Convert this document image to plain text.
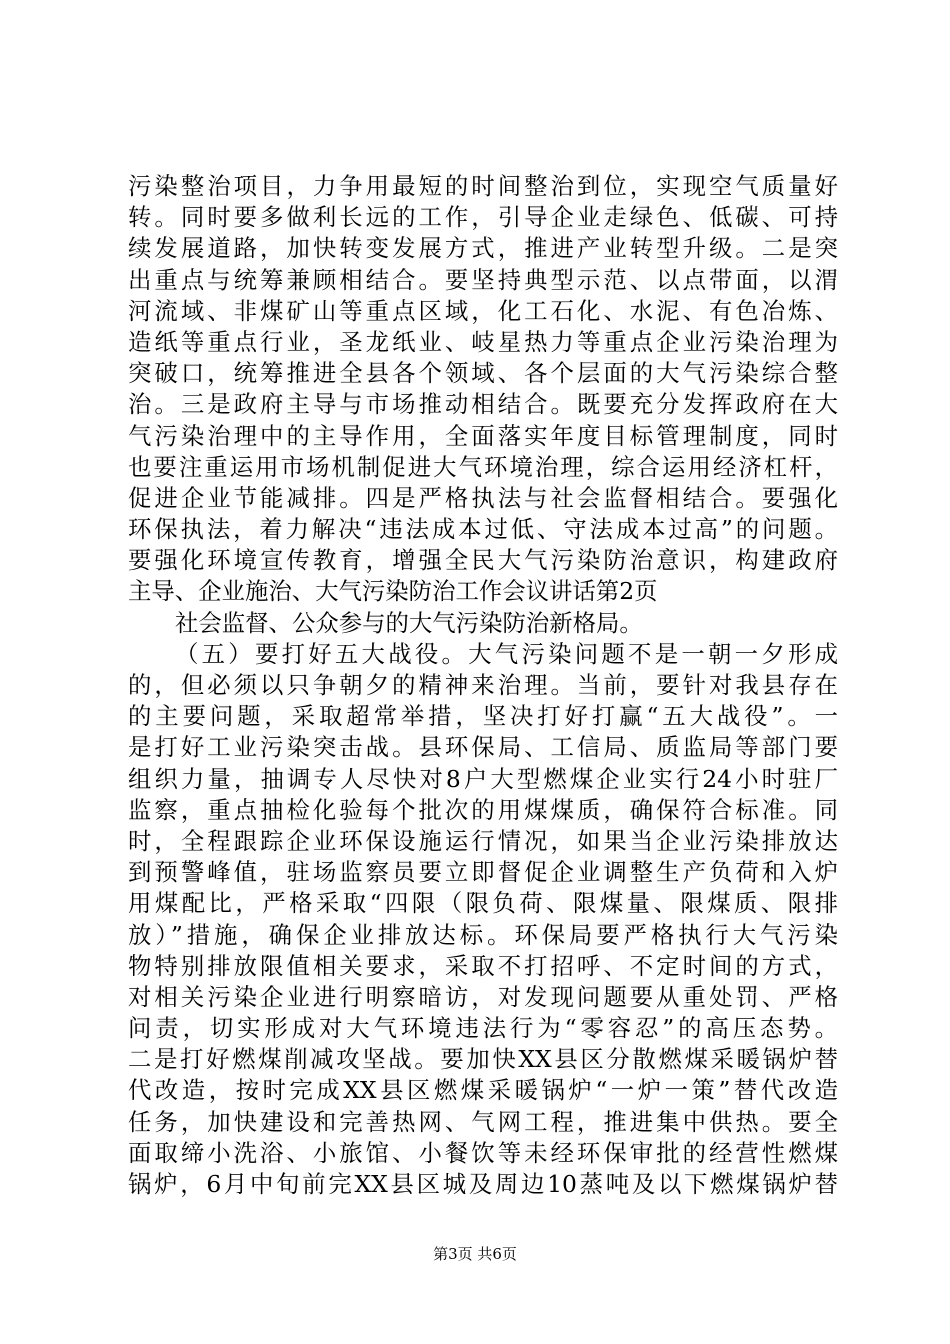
污染整治项目，力争用最短的时间整治到位，实现空气质量好
转。同时要多做利长远的工作，引导企业走绿色、低碳、可持
续发展道路，加快转变发展方式，推进产业转型升级。二是突
出重点与统筹兼顾相结合。要坚持典型示范、以点带面，以渭
河流域、非煤矿山等重点区域，化工石化、水泥、有色冶炼、
造纸等重点行业，圣龙纸业、岐星热力等重点企业污染治理为
突破口，统筹推进全县各个领域、各个层面的大气污染综合整
治。三是政府主导与市场推动相结合。既要充分发挥政府在大
气污染治理中的主导作用，全面落实年度目标管理制度，同时
也要注重运用市场机制促进大气环境治理，综合运用经济杠杆，
促进企业节能减排。四是严格执法与社会监督相结合。要强化
环保执法，着力解决“违法成本过低、守法成本过高”的问题。
要强化环境宣传教育，增强全民大气污染防治意识，构建政府
主导、企业施治、大气污染防治工作会议讲话第2页
社会监督、公众参与的大气污染防治新格局。
（五）要打好五大战役。大气污染问题不是一朝一夕形成
的，但必须以只争朝夕的精神来治理。当前，要针对我县存在
的主要问题，采取超常举措，坚决打好打赢“五大战役”。一
是打好工业污染突击战。县环保局、工信局、质监局等部门要
组织力量，抽调专人尽快对8户大型燃煤企业实行24小时驻厂
监察，重点抽检化验每个批次的用煤煤质，确保符合标准。同
时，全程跟踪企业环保设施运行情况，如果当企业污染排放达
到预警峰值，驻场监察员要立即督促企业调整生产负荷和入炉
用煤配比，严格采取“四限（限负荷、限煤量、限煤质、限排
放）”措施，确保企业排放达标。环保局要严格执行大气污染
物特别排放限值相关要求，采取不打招呼、不定时间的方式，
对相关污染企业进行明察暗访，对发现问题要从重处罚、严格
问责，切实形成对大气环境违法行为“零容忍”的高压态势。
二是打好燃煤削减攻坚战。要加快XX县区分散燃煤采暖锅炉替
代改造，按时完成XX县区燃煤采暖锅炉“一炉一策”替代改造
任务，加快建设和完善热网、气网工程，推进集中供热。要全
面取缔小洗浴、小旅馆、小餐饮等未经环保审批的经营性燃煤
锅炉，6月中旬前完XX县区城及周边10蒸吨及以下燃煤锅炉替
第3页 共6页
